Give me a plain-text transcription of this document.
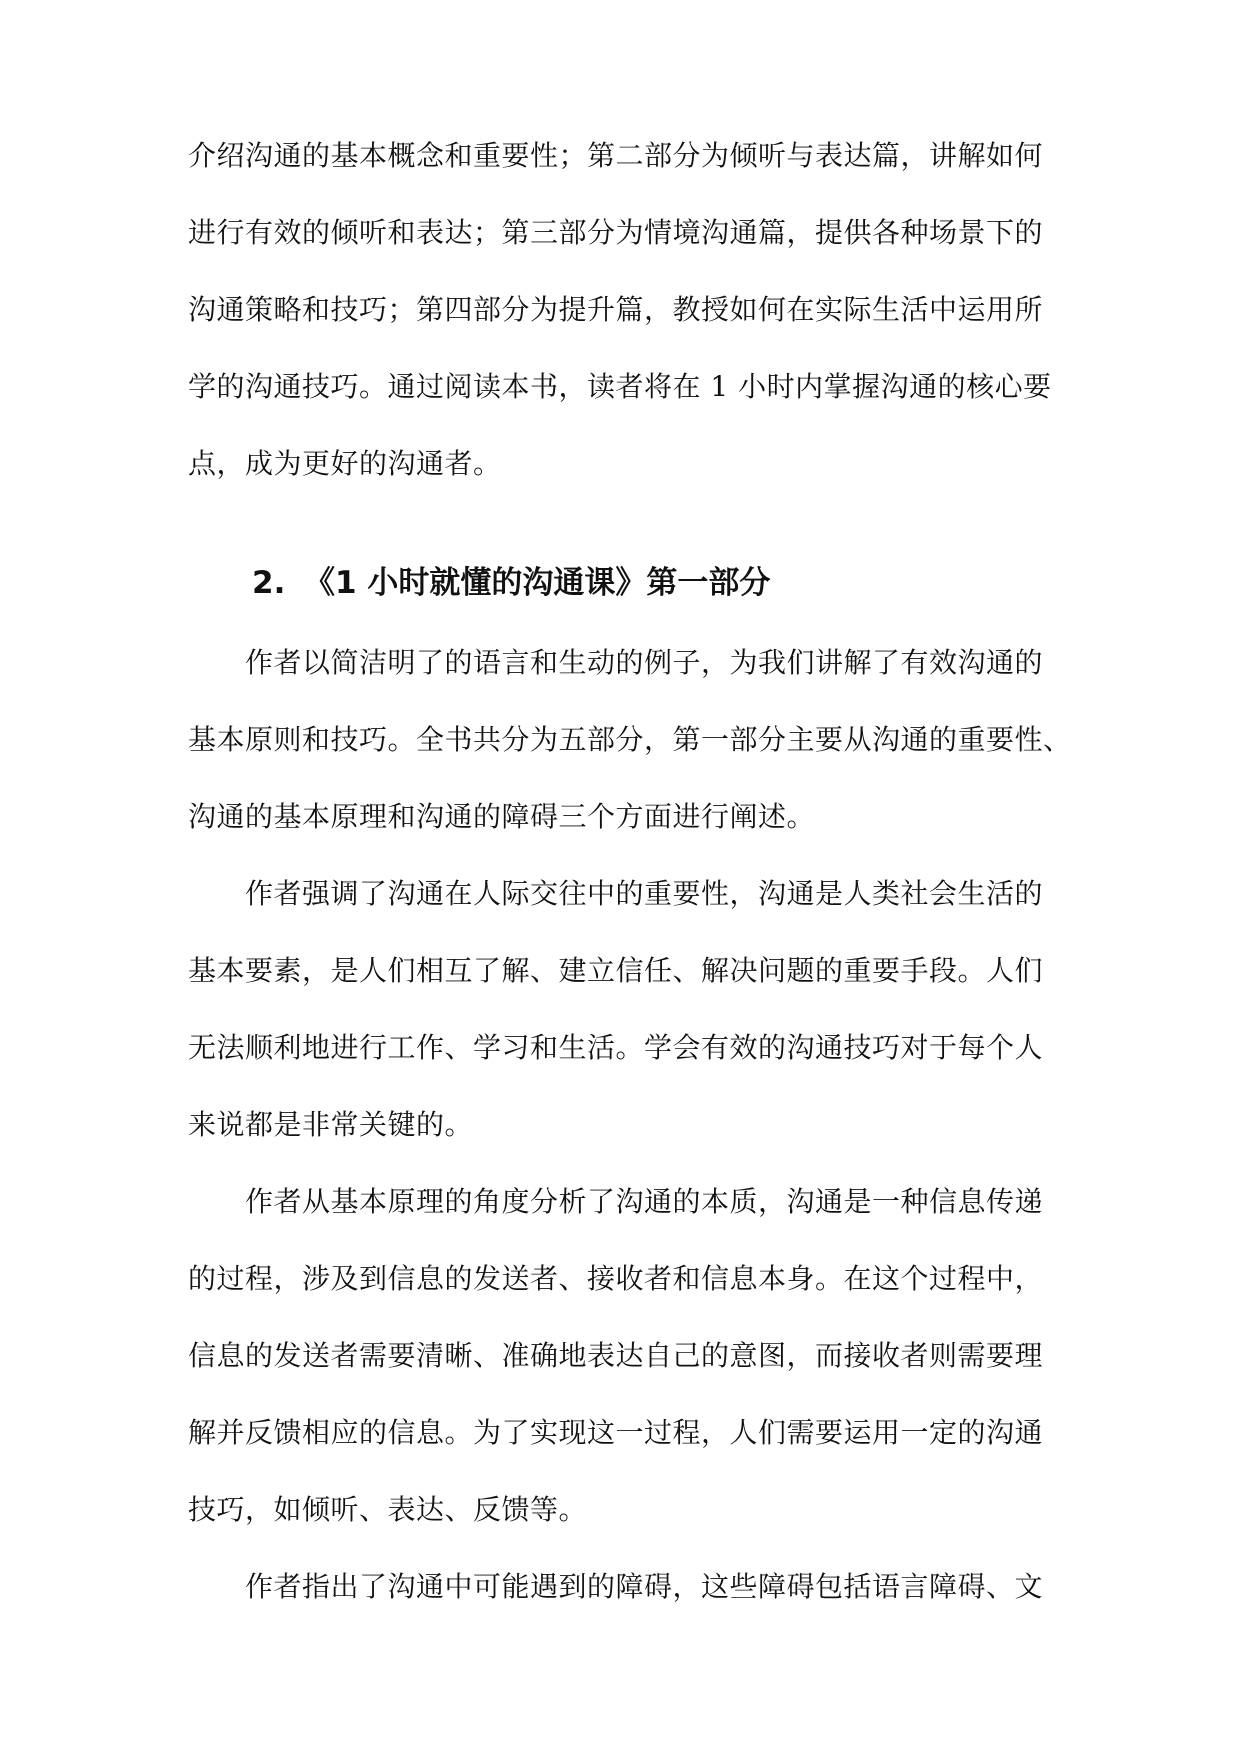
介绍沟通的基本概念和重要性；第二部分为倾听与表达篇，讲解如何
进行有效的倾听和表达；第三部分为情境沟通篇，提供各种场景下的
沟通策略和技巧；第四部分为提升篇，教授如何在实际生活中运用所
学的沟通技巧。通过阅读本书，读者将在 1 小时内掌握沟通的核心要
点，成为更好的沟通者。
2. 《1 小时就懂的沟通课》第一部分
作者以简洁明了的语言和生动的例子，为我们讲解了有效沟通的
基本原则和技巧。全书共分为五部分，第一部分主要从沟通的重要性、
沟通的基本原理和沟通的障碍三个方面进行阐述。
作者强调了沟通在人际交往中的重要性，沟通是人类社会生活的
基本要素，是人们相互了解、建立信任、解决问题的重要手段。人们
无法顺利地进行工作、学习和生活。学会有效的沟通技巧对于每个人
来说都是非常关键的。
作者从基本原理的角度分析了沟通的本质，沟通是一种信息传递
的过程，涉及到信息的发送者、接收者和信息本身。在这个过程中，
信息的发送者需要清晰、准确地表达自己的意图，而接收者则需要理
解并反馈相应的信息。为了实现这一过程，人们需要运用一定的沟通
技巧，如倾听、表达、反馈等。
作者指出了沟通中可能遇到的障碍，这些障碍包括语言障碍、文
